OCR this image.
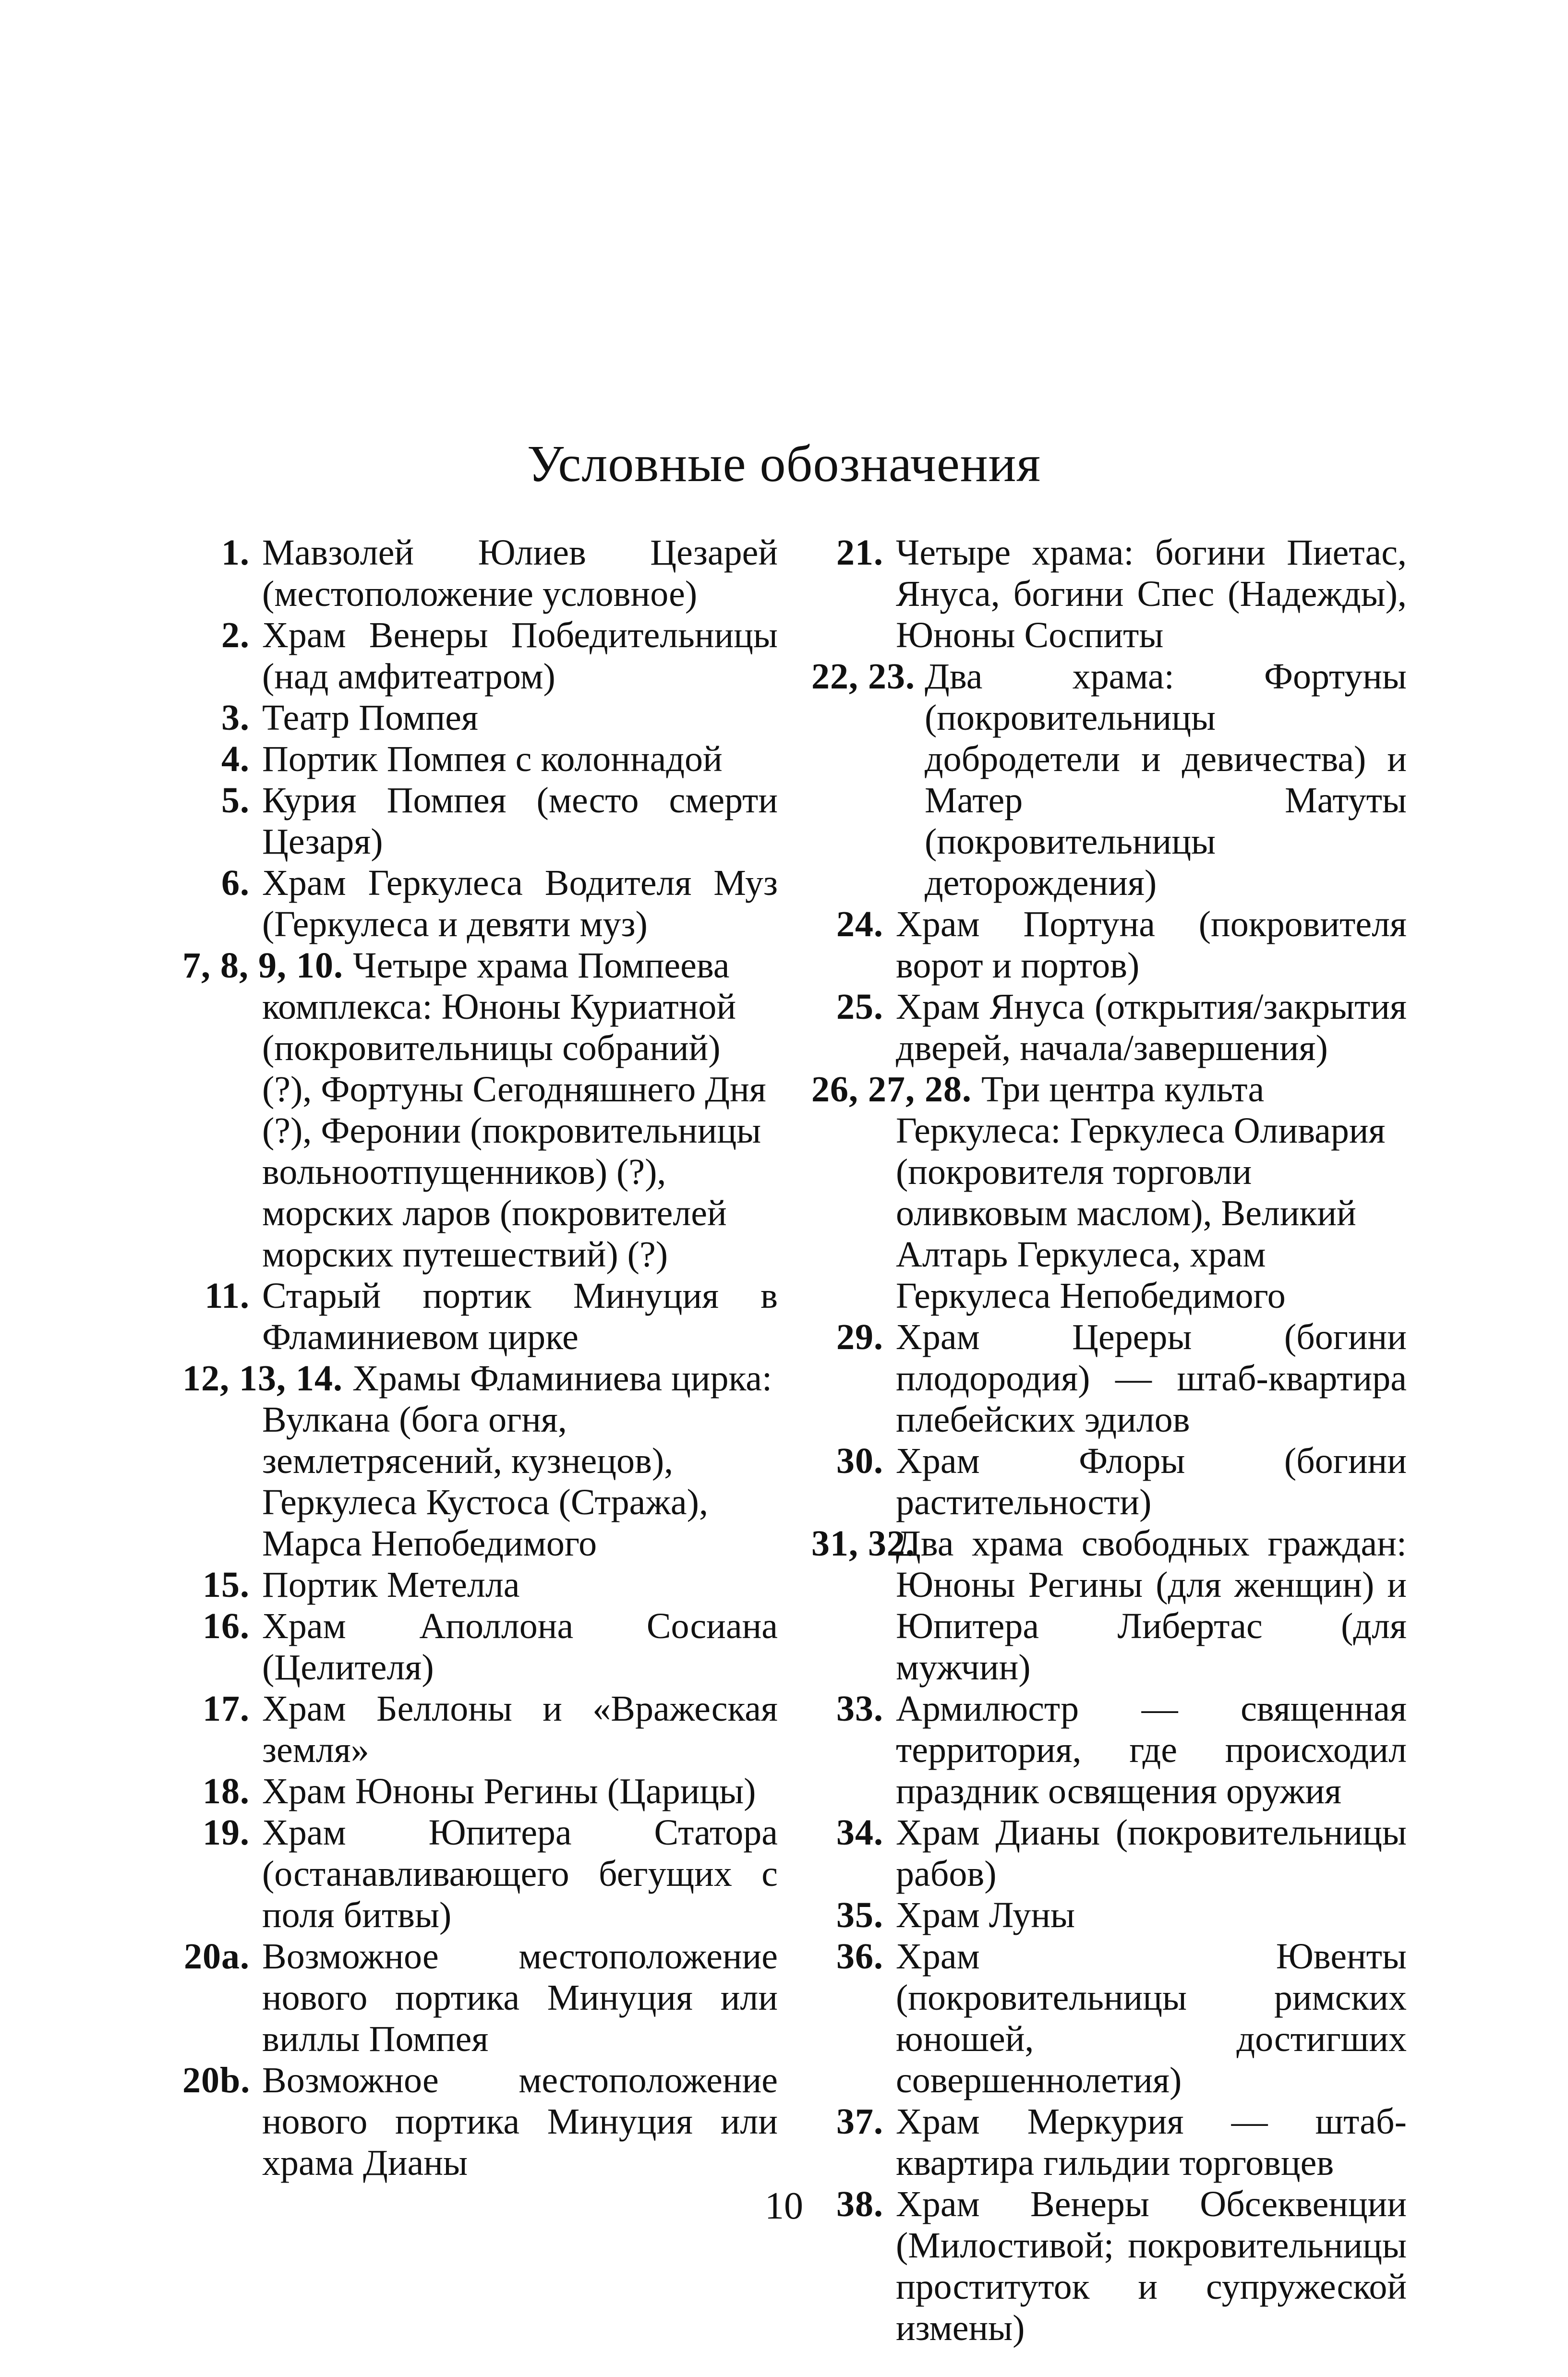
Условные обозначения
1. Мавзолей Юлиев Цезарей (местоположение условное)
2. Храм Венеры Победительницы (над амфитеатром)
3. Театр Помпея
4. Портик Помпея с колоннадой
5. Курия Помпея (место смерти Цезаря)
6. Храм Геркулеса Водителя Муз (Геркулеса и девяти муз)
7, 8, 9, 10. Четыре храма Помпеева комплекса: Юноны Куриатной (покровительницы собраний) (?), Фортуны Сегодняшнего Дня (?), Феронии (покровительницы вольноотпущенников) (?), морских ларов (покровителей морских путешествий) (?)
11. Старый портик Минуция в Фламиниевом цирке
12, 13, 14. Храмы Фламиниева цирка: Вулкана (бога огня, землетрясений, кузнецов), Геркулеса Кустоса (Стража), Марса Непобедимого
15. Портик Метелла
16. Храм Аполлона Сосиана (Целителя)
17. Храм Беллоны и «Вражеская земля»
18. Храм Юноны Регины (Царицы)
19. Храм Юпитера Статора (останавливающего бегущих с поля битвы)
20a. Возможное местоположение нового портика Минуция или виллы Помпея
20b. Возможное местоположение нового портика Минуция или храма Дианы
21. Четыре храма: богини Пиетас, Януса, богини Спес (Надежды), Юноны Соспиты
22, 23. Два храма: Фортуны (покровительницы добродетели и девичества) и Матер Матуты (покровительницы деторождения)
24. Храм Портуна (покровителя ворот и портов)
25. Храм Януса (открытия/закрытия дверей, начала/завершения)
26, 27, 28. Три центра культа Геркулеса: Геркулеса Оливария (покровителя торговли оливковым маслом), Великий Алтарь Геркулеса, храм Геркулеса Непобедимого
29. Храм Цереры (богини плодородия) — штаб-квартира плебейских эдилов
30. Храм Флоры (богини растительности)
31, 32.
Два храма свободных граждан: Юноны Регины (для женщин) и Юпитера Либертас (для мужчин)
33. Армилюстр — священная территория, где происходил праздник освящения оружия
34. Храм Дианы (покровительницы рабов)
35. Храм Луны
36. Храм Ювенты (покровительницы римских юношей, достигших совершеннолетия)
37. Храм Меркурия — штаб-квартира гильдии торговцев
38. Храм Венеры Обсеквенции (Милостивой; покровительницы проституток и супружеской измены)
10
